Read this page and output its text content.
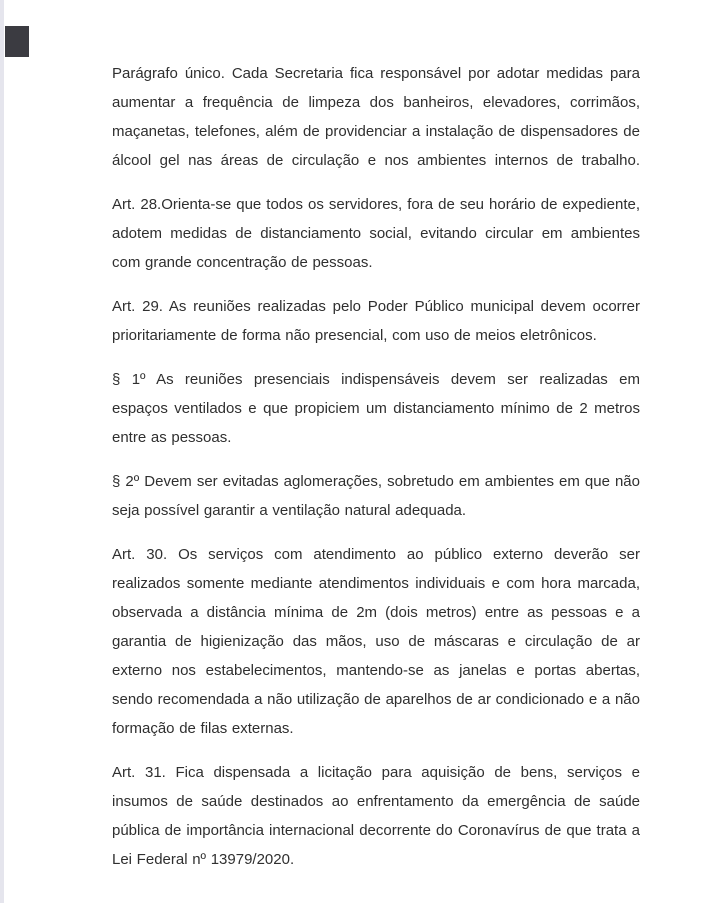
Parágrafo único. Cada Secretaria fica responsável por adotar medidas para aumentar a frequência de limpeza dos banheiros, elevadores, corrimãos, maçanetas, telefones, além de providenciar a instalação de dispensadores de álcool gel nas áreas de circulação e nos ambientes internos de trabalho.

Art. 28.Orienta-se que todos os servidores, fora de seu horário de expediente, adotem medidas de distanciamento social, evitando circular em ambientes com grande concentração de pessoas.

Art. 29. As reuniões realizadas pelo Poder Público municipal devem ocorrer prioritariamente de forma não presencial, com uso de meios eletrônicos.

§ 1º As reuniões presenciais indispensáveis devem ser realizadas em espaços ventilados e que propiciem um distanciamento mínimo de 2 metros entre as pessoas.

§ 2º Devem ser evitadas aglomerações, sobretudo em ambientes em que não seja possível garantir a ventilação natural adequada.

Art. 30. Os serviços com atendimento ao público externo deverão ser realizados somente mediante atendimentos individuais e com hora marcada, observada a distância mínima de 2m (dois metros) entre as pessoas e a garantia de higienização das mãos, uso de máscaras e circulação de ar externo nos estabelecimentos, mantendo-se as janelas e portas abertas, sendo recomendada a não utilização de aparelhos de ar condicionado e a não formação de filas externas.

Art. 31. Fica dispensada a licitação para aquisição de bens, serviços e insumos de saúde destinados ao enfrentamento da emergência de saúde pública de importância internacional decorrente do Coronavírus de que trata a Lei Federal nº 13979/2020.
